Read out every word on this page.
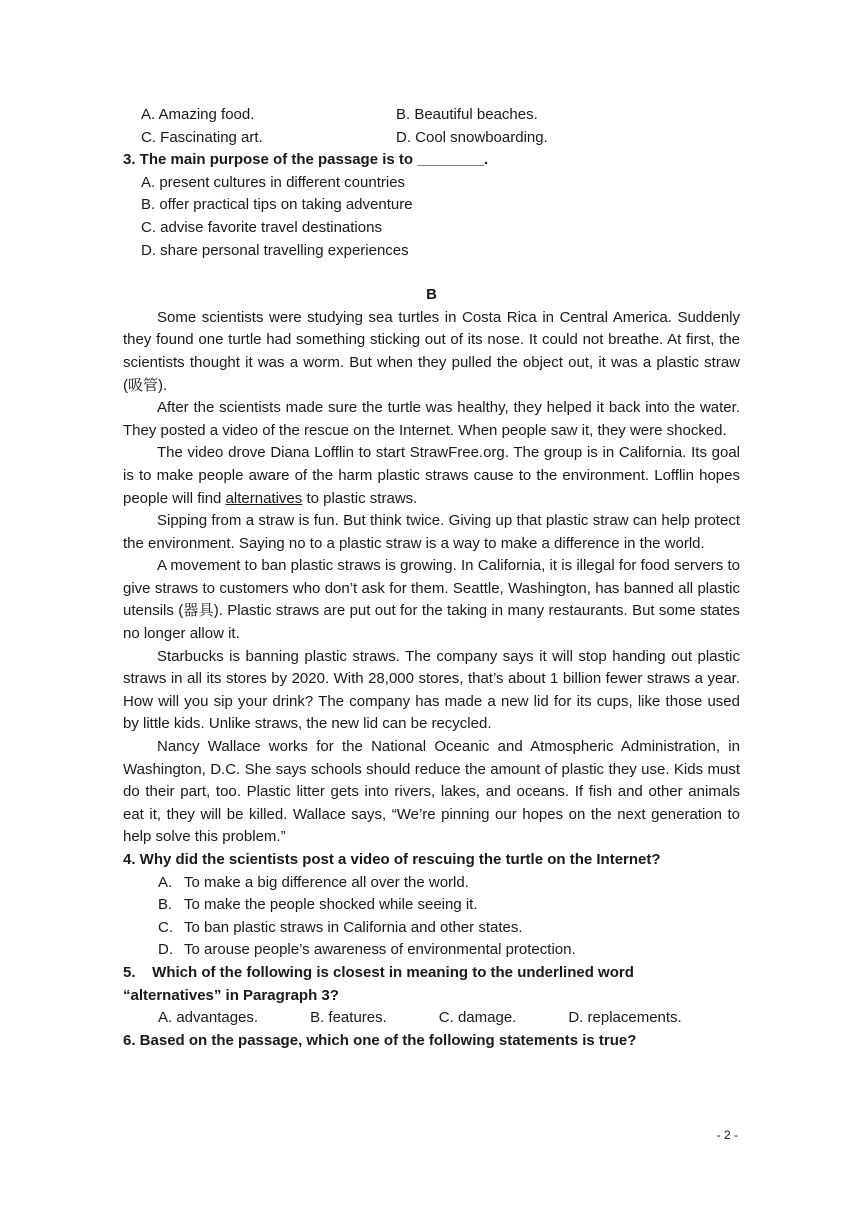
A. Amazing food.	B. Beautiful beaches.
C. Fascinating art.	D. Cool snowboarding.
3. The main purpose of the passage is to ________.
A. present cultures in different countries
B. offer practical tips on taking adventure
C. advise favorite travel destinations
D. share personal travelling experiences
B
Some scientists were studying sea turtles in Costa Rica in Central America. Suddenly they found one turtle had something sticking out of its nose. It could not breathe. At first, the scientists thought it was a worm. But when they pulled the object out, it was a plastic straw (吸管).
After the scientists made sure the turtle was healthy, they helped it back into the water. They posted a video of the rescue on the Internet. When people saw it, they were shocked.
The video drove Diana Lofflin to start StrawFree.org. The group is in California. Its goal is to make people aware of the harm plastic straws cause to the environment. Lofflin hopes people will find alternatives to plastic straws.
Sipping from a straw is fun. But think twice. Giving up that plastic straw can help protect the environment. Saying no to a plastic straw is a way to make a difference in the world.
A movement to ban plastic straws is growing. In California, it is illegal for food servers to give straws to customers who don’t ask for them. Seattle, Washington, has banned all plastic utensils (器具). Plastic straws are put out for the taking in many restaurants. But some states no longer allow it.
Starbucks is banning plastic straws. The company says it will stop handing out plastic straws in all its stores by 2020. With 28,000 stores, that’s about 1 billion fewer straws a year. How will you sip your drink? The company has made a new lid for its cups, like those used by little kids. Unlike straws, the new lid can be recycled.
Nancy Wallace works for the National Oceanic and Atmospheric Administration, in Washington, D.C. She says schools should reduce the amount of plastic they use. Kids must do their part, too. Plastic litter gets into rivers, lakes, and oceans. If fish and other animals eat it, they will be killed. Wallace says, “We’re pinning our hopes on the next generation to help solve this problem.”
4. Why did the scientists post a video of rescuing the turtle on the Internet?
A. To make a big difference all over the world.
B. To make the people shocked while seeing it.
C. To ban plastic straws in California and other states.
D. To arouse people’s awareness of environmental protection.
5.    Which of the following is closest in meaning to the underlined word
“alternatives” in Paragraph 3?
A. advantages.	B. features.	C. damage.	D. replacements.
6. Based on the passage, which one of the following statements is true?
- 2 -
